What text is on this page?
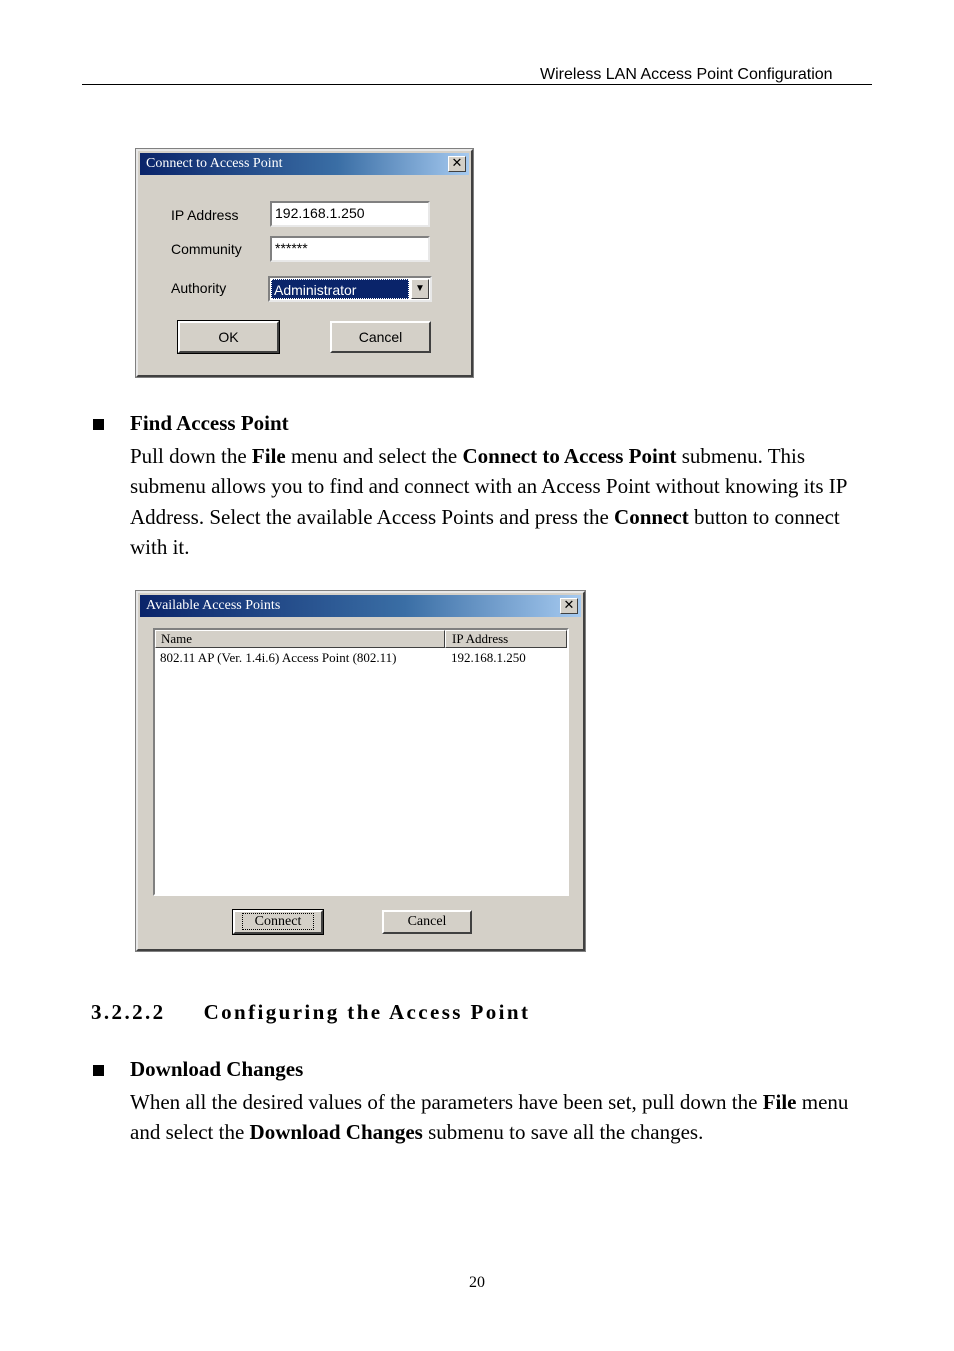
Wireless LAN Access Point Configuration
Connect to Access Point	✕
IP Address	192.168.1.250
Community	******
Authority	Administrator	▼
OK	Cancel
Find Access Point
Pull down the File menu and select the Connect to Access Point submenu. This submenu allows you to find and connect with an Access Point without knowing its IP Address. Select the available Access Points and press the Connect button to connect with it.
Available Access Points	✕
Name	IP Address
802.11 AP (Ver. 1.4i.6) Access Point (802.11)	192.168.1.250
Connect	Cancel
3.2.2.2 Configuring the Access Point
Download Changes
When all the desired values of the parameters have been set, pull down the File menu and select the Download Changes submenu to save all the changes.
20
